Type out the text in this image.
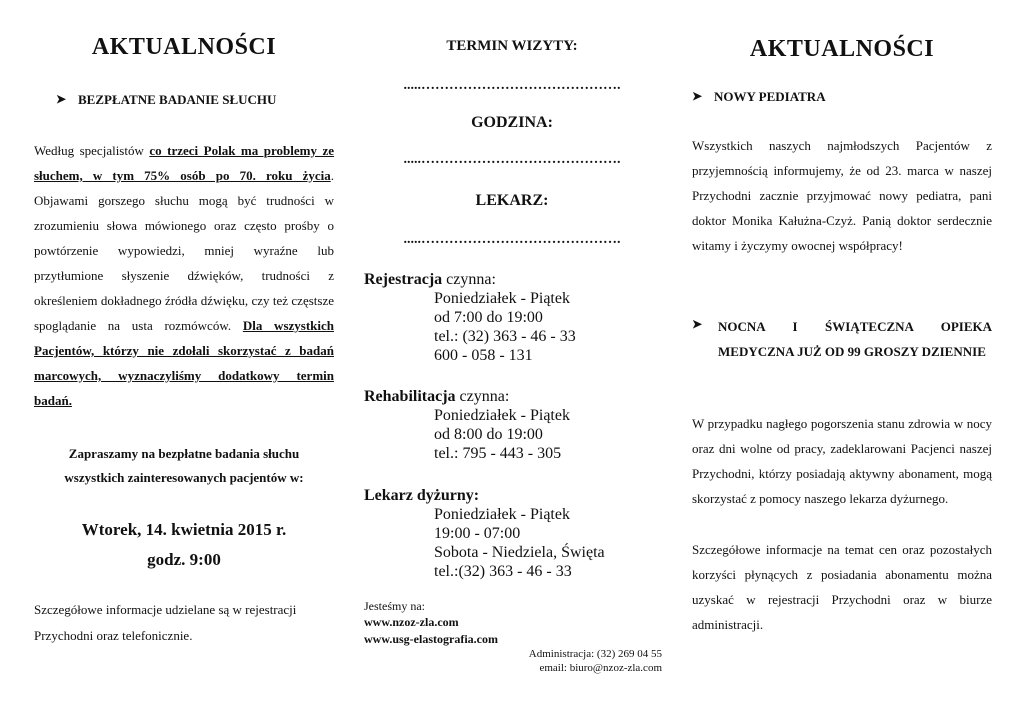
AKTUALNOŚCI
➤ BEZPŁATNE BADANIE SŁUCHU
Według specjalistów co trzeci Polak ma problemy ze słuchem, w tym 75% osób po 70. roku życia. Objawami gorszego słuchu mogą być trudności w zrozumieniu słowa mówionego oraz często prośby o powtórzenie wypowiedzi, mniej wyraźne lub przytłumione słyszenie dźwięków, trudności z określeniem dokładnego źródła dźwięku, czy też częstsze spoglądanie na usta rozmówców. Dla wszystkich Pacjentów, którzy nie zdołali skorzystać z badań marcowych, wyznaczyliśmy dodatkowy termin badań.
Zapraszamy na bezpłatne badania słuchu
wszystkich zainteresowanych pacjentów w:
Wtorek, 14. kwietnia 2015 r.
godz. 9:00
Szczegółowe informacje udzielane są w rejestracji
Przychodni oraz telefonicznie.
TERMIN WIZYTY:
.....…………………………………….
GODZINA:
.....…………………………………….
LEKARZ:
.....…………………………………….
Rejestracja czynna:
Poniedziałek - Piątek
od 7:00 do 19:00
tel.: (32) 363 - 46 - 33
600 - 058 - 131
Rehabilitacja czynna:
Poniedziałek - Piątek
od 8:00 do 19:00
tel.: 795 - 443 - 305
Lekarz dyżurny:
Poniedziałek - Piątek
19:00 - 07:00
Sobota - Niedziela, Święta
tel.:(32) 363 - 46 - 33
Jesteśmy na:
www.nzoz-zla.com
www.usg-elastografia.com
Administracja: (32) 269 04 55
email: biuro@nzoz-zla.com
AKTUALNOŚCI
➤ NOWY PEDIATRA
Wszystkich naszych najmłodszych Pacjentów z przyjemnością informujemy, że od 23. marca w naszej Przychodni zacznie przyjmować nowy pediatra, pani doktor Monika Kałużna-Czyż. Panią doktor serdecznie witamy i życzymy owocnej współpracy!
➤	NOCNA I ŚWIĄTECZNA OPIEKA MEDYCZNA JUŻ OD 99 GROSZY DZIENNIE
W przypadku nagłego pogorszenia stanu zdrowia w nocy oraz dni wolne od pracy, zadeklarowani Pacjenci naszej Przychodni, którzy posiadają aktywny abonament, mogą skorzystać z pomocy naszego lekarza dyżurnego.
Szczegółowe informacje na temat cen oraz pozostałych korzyści płynących z posiadania abonamentu można uzyskać w rejestracji Przychodni oraz w biurze administracji.
